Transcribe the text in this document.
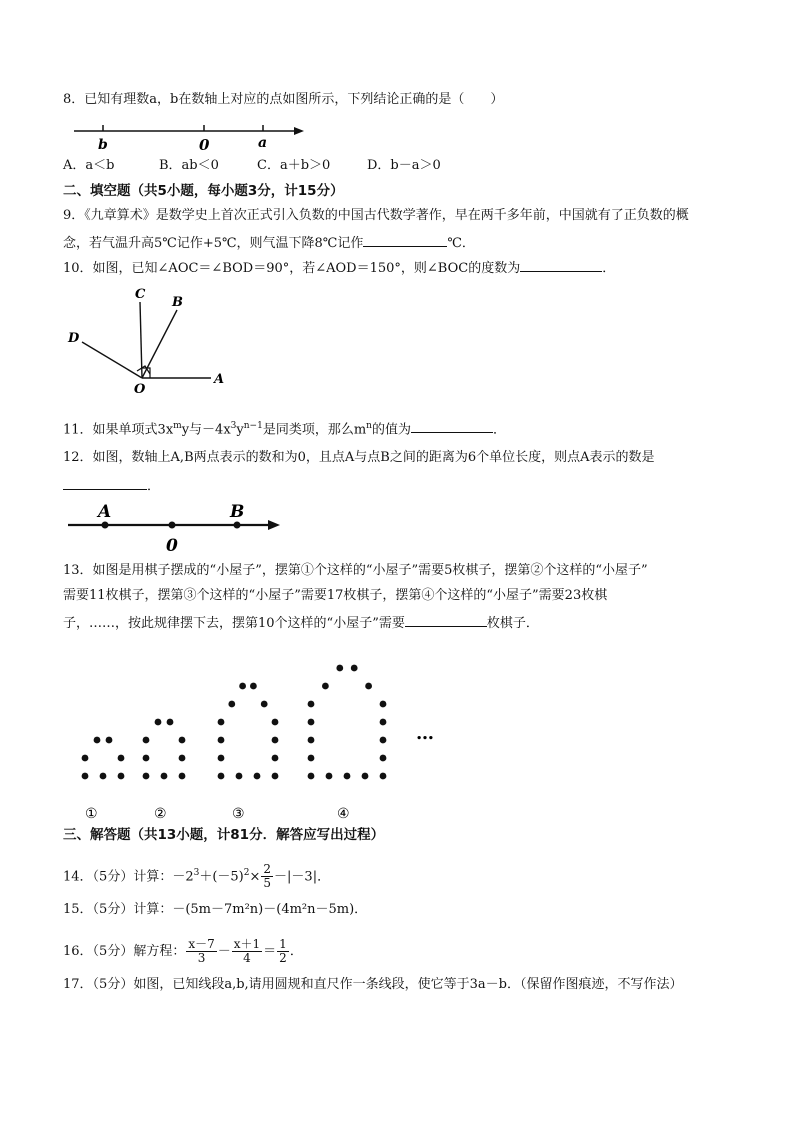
8．已知有理数a，b在数轴上对应的点如图所示，下列结论正确的是（　　）
b	0	a
A．a＜b	B．ab＜0	C．a＋b＞0	D．b－a＞0
二、填空题（共5小题，每小题3分，计15分）
9．《九章算术》是数学史上首次正式引入负数的中国古代数学著作，早在两千多年前，中国就有了正负数的概
念，若气温升高5℃记作+5℃，则气温下降8℃记作	℃．
10．如图，已知∠AOC＝∠BOD＝90°，若∠AOD＝150°，则∠BOC的度数为	．
C
B
D
O
A
11．如果单项式$3x^my$与$-4x^3y^{n-1}$是同类项，那么$m^n$的值为	．
12．如图，数轴上A,B两点表示的数和为0，且点A与点B之间的距离为6个单位长度，则点A表示的数是
．
A	B
0
13．如图是用棋子摆成的“小屋子”，摆第①个这样的“小屋子”需要5枚棋子，摆第②个这样的“小屋子”
需要11枚棋子，摆第③个这样的“小屋子”需要17枚棋子，摆第④个这样的“小屋子”需要23枚棋
子，……，按此规律摆下去，摆第10个这样的“小屋子”需要	枚棋子．
①	②	③	④
…
三、解答题（共13小题，计81分．解答应写出过程）
14．（5分）计算：$-2^3+(-5)^2\times \frac{2}{5} -|-3|$．
15．（5分）计算：－(5m－7m²n)－(4m²n－5m)．
16．（5分）解方程： $\frac{x-7}{3} - \frac{x+1}{4} = \frac{1}{2}$ ．
17．（5分）如图，已知线段a,b,请用圆规和直尺作一条线段，使它等于3a－b．（保留作图痕迹，不写作法）
